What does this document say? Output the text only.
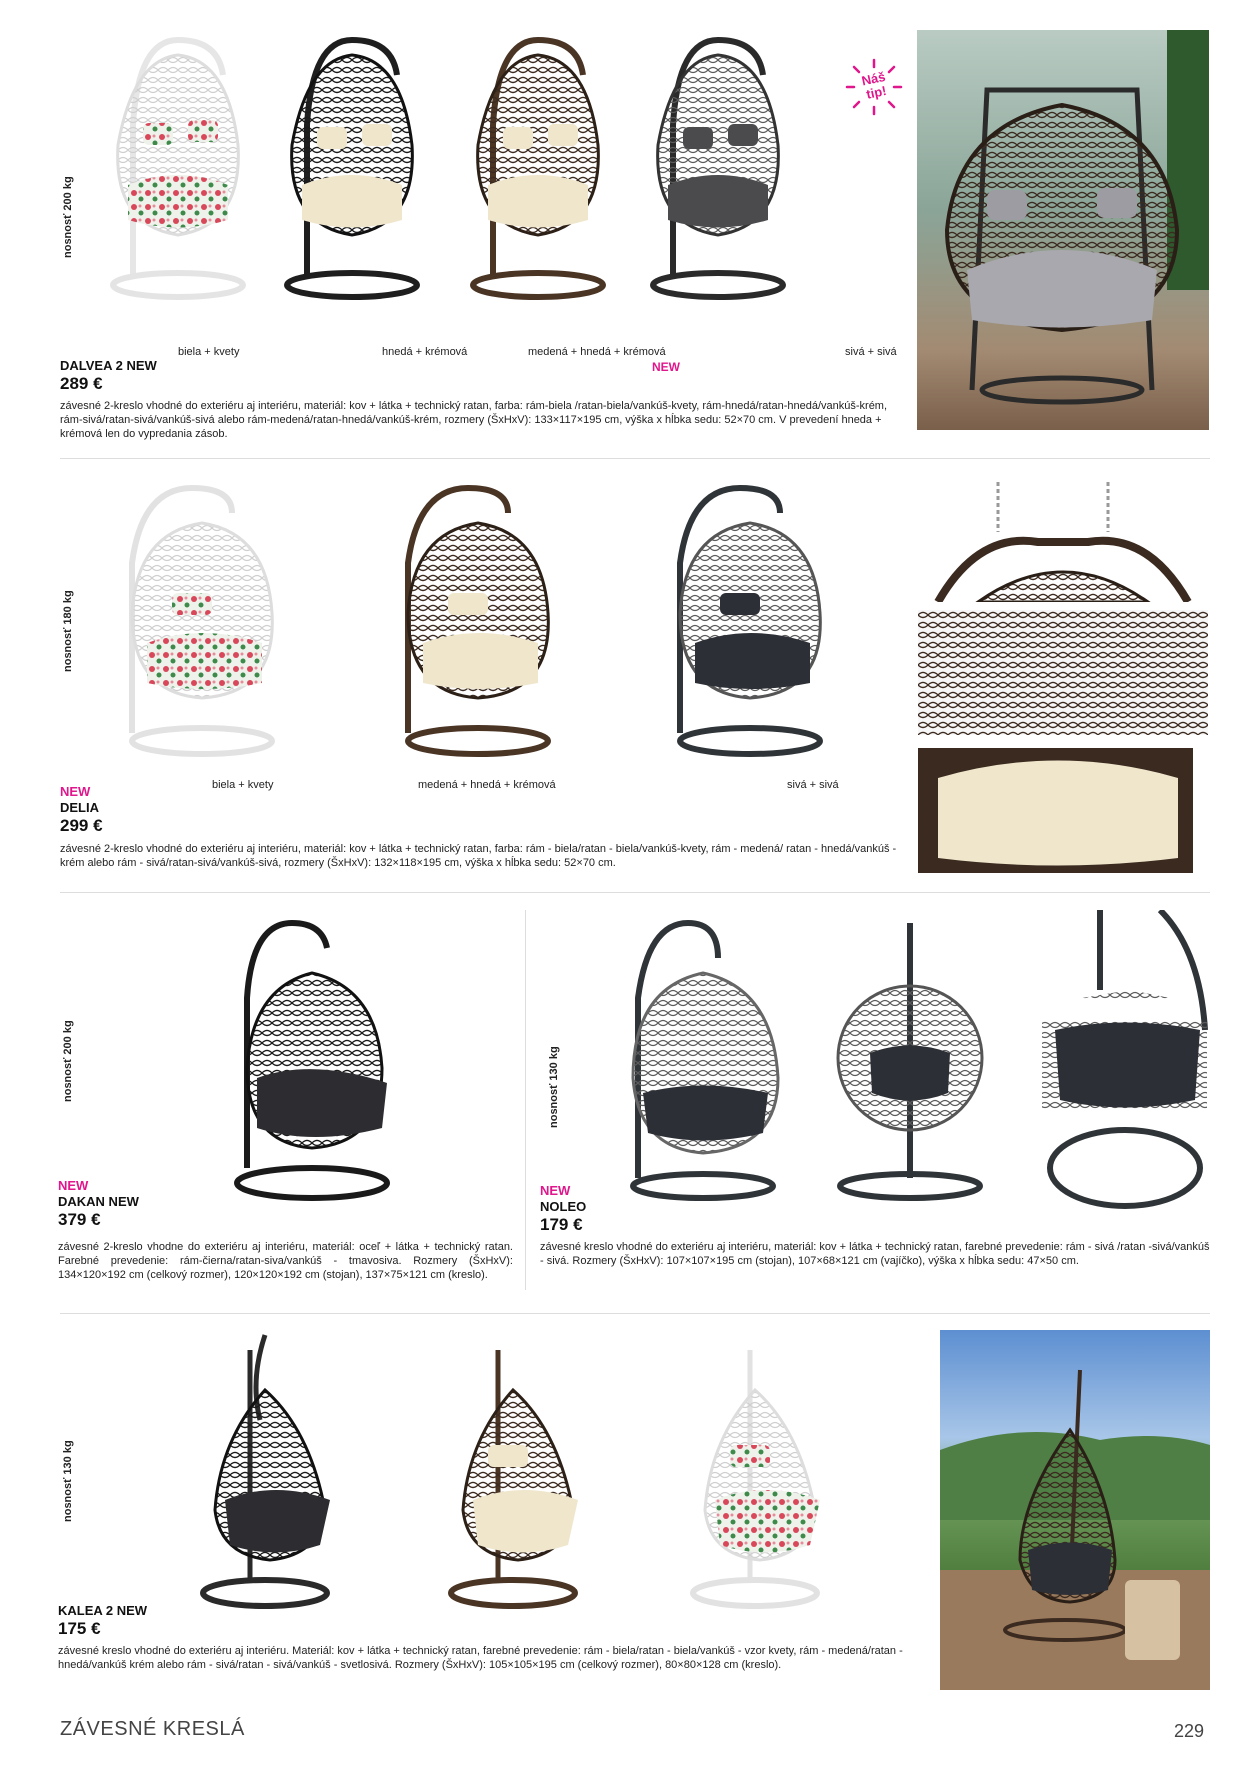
nosnosť 200 kg
Náš tip!
biela + kvety	hnedá + krémová	medená + hnedá + krémová
NEW
sivá + sivá
DALVEA 2 NEW
289 €
závesné 2-kreslo vhodné do exteriéru aj interiéru, materiál: kov + látka + technický ratan, farba: rám-biela /ratan-biela/vankúš-kvety, rám-hnedá/ratan-hnedá/vankúš-krém, rám-sivá/ratan-sivá/vankúš-sivá alebo rám-medená/ratan-hnedá/vankúš-krém, rozmery (ŠxHxV): 133×117×195 cm, výška x hĺbka sedu: 52×70 cm. V prevedení hneda + krémová len do vypredania zásob.
nosnosť 180 kg
biela + kvety	medená + hnedá + krémová	sivá + sivá
NEW
DELIA
299 €
závesné 2-kreslo vhodné do exteriéru aj interiéru, materiál: kov + látka + technický ratan, farba: rám - biela/ratan - biela/vankúš-kvety, rám - medená/ ratan - hnedá/vankúš - krém alebo rám - sivá/ratan-sivá/vankúš-sivá, rozmery (ŠxHxV): 132×118×195 cm, výška x hĺbka sedu: 52×70 cm.
nosnosť 200 kg
NEW
DAKAN NEW
379 €
závesné 2-kreslo vhodne do exteriéru aj interiéru, materiál: oceľ + látka + technický ratan. Farebné prevedenie: rám-čierna/ratan-siva/vankúš - tmavosiva. Rozmery (ŠxHxV): 134×120×192 cm (celkový rozmer), 120×120×192 cm (stojan), 137×75×121 cm (kreslo).
nosnosť 130 kg
NEW
NOLEO
179 €
závesné kreslo vhodné do exteriéru aj interiéru, materiál: kov + látka + technický ratan, farebné prevedenie: rám - sivá /ratan -sivá/vankúš - sivá. Rozmery (ŠxHxV): 107×107×195 cm (stojan), 107×68×121 cm (vajíčko), výška x hĺbka sedu: 47×50 cm.
nosnosť 130 kg
KALEA 2 NEW
175 €
závesné kreslo vhodné do exteriéru aj interiéru. Materiál: kov + látka + technický ratan, farebné prevedenie: rám - biela/ratan - biela/vankúš - vzor kvety, rám - medená/ratan - hnedá/vankúš krém alebo rám - sivá/ratan - sivá/vankúš - svetlosivá. Rozmery (ŠxHxV): 105×105×195 cm (celkový rozmer), 80×80×128 cm (kreslo).
ZÁVESNÉ KRESLÁ	229
